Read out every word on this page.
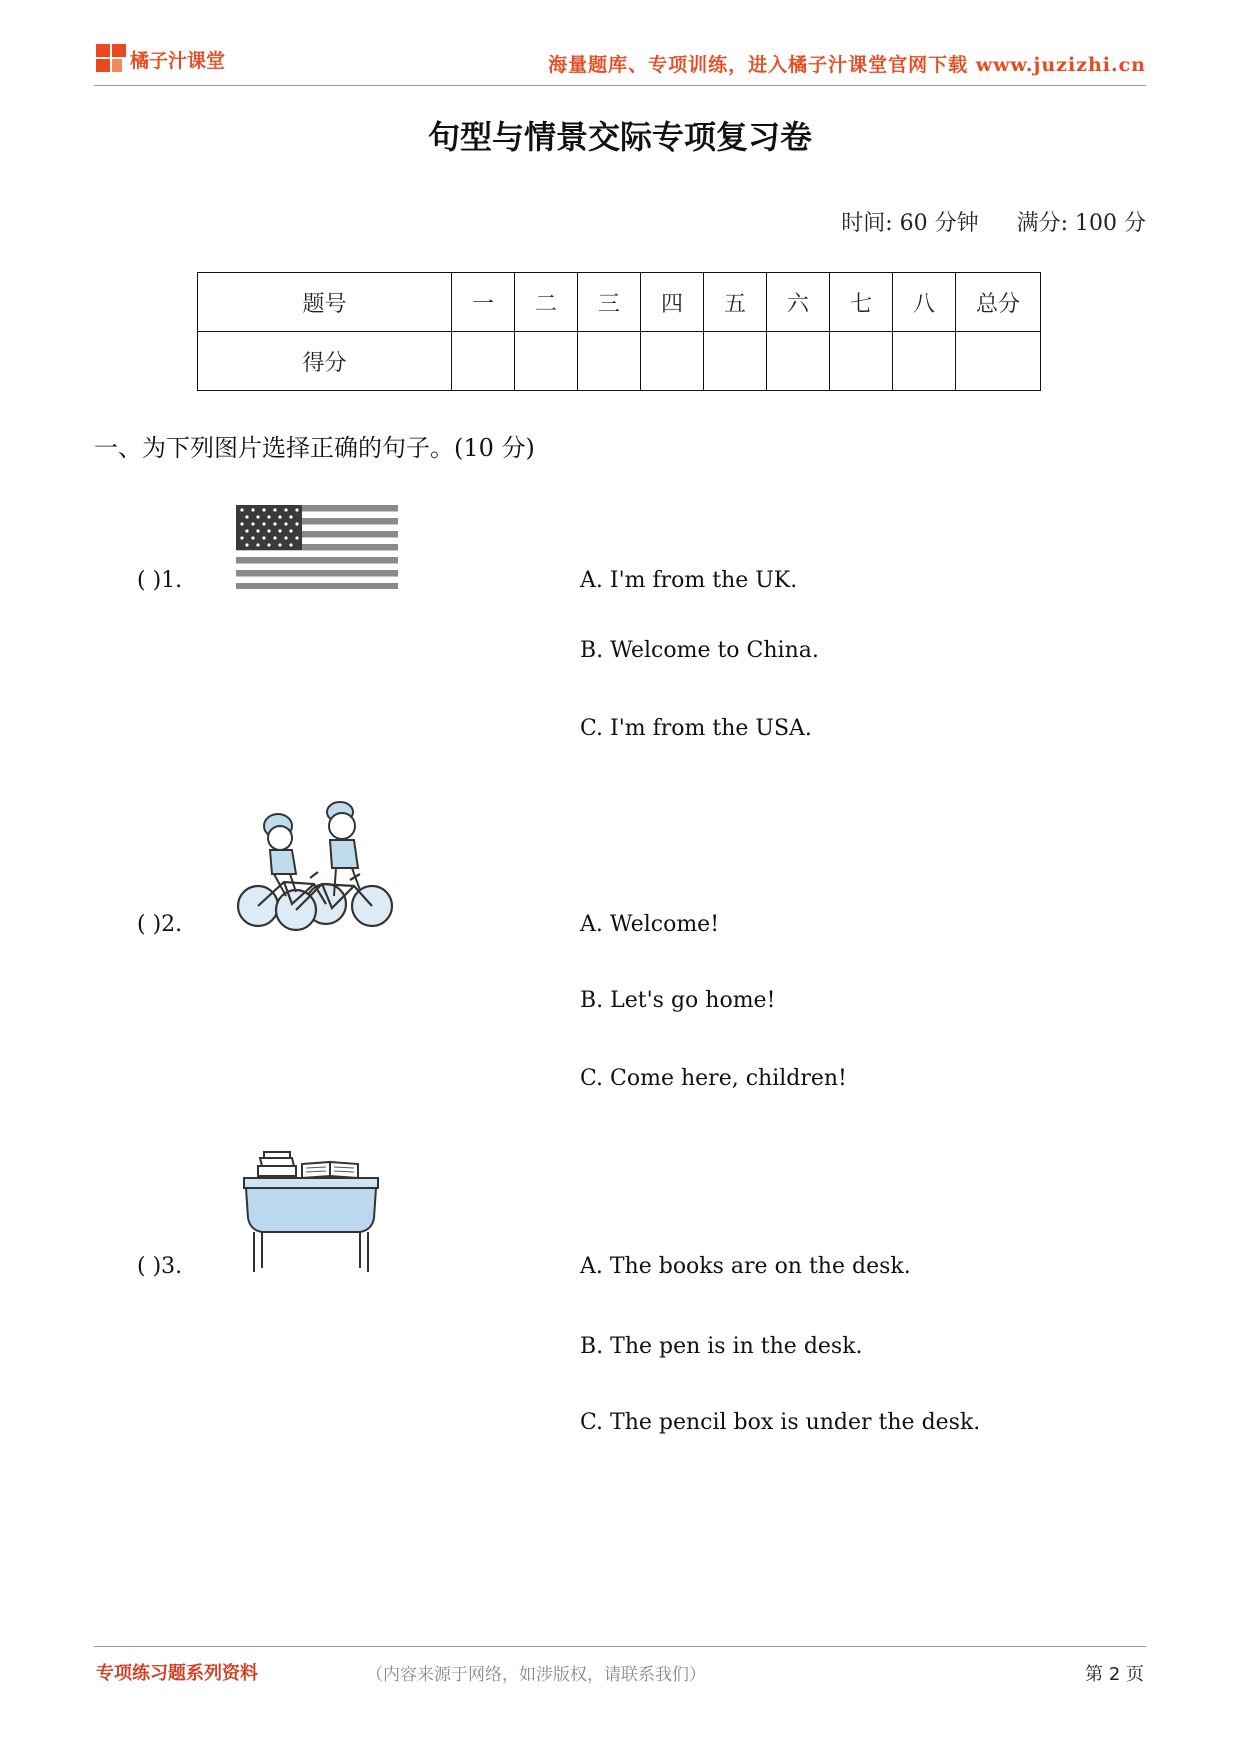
橘子汁课堂	海量题库、专项训练，进入橘子汁课堂官网下载 www.juzizhi.cn
句型与情景交际专项复习卷
时间: 60 分钟 满分: 100 分
题号	一	二	三	四	五	六	七	八	总分
得分									
一、为下列图片选择正确的句子。(10 分)
( )1.	A. I'm from the UK.
B. Welcome to China.
C. I'm from the USA.
( )2.	A. Welcome!
B. Let's go home!
C. Come here, children!
( )3.	A. The books are on the desk.
B. The pen is in the desk.
C. The pencil box is under the desk.
专项练习题系列资料	（内容来源于网络，如涉版权，请联系我们）	第 2 页
